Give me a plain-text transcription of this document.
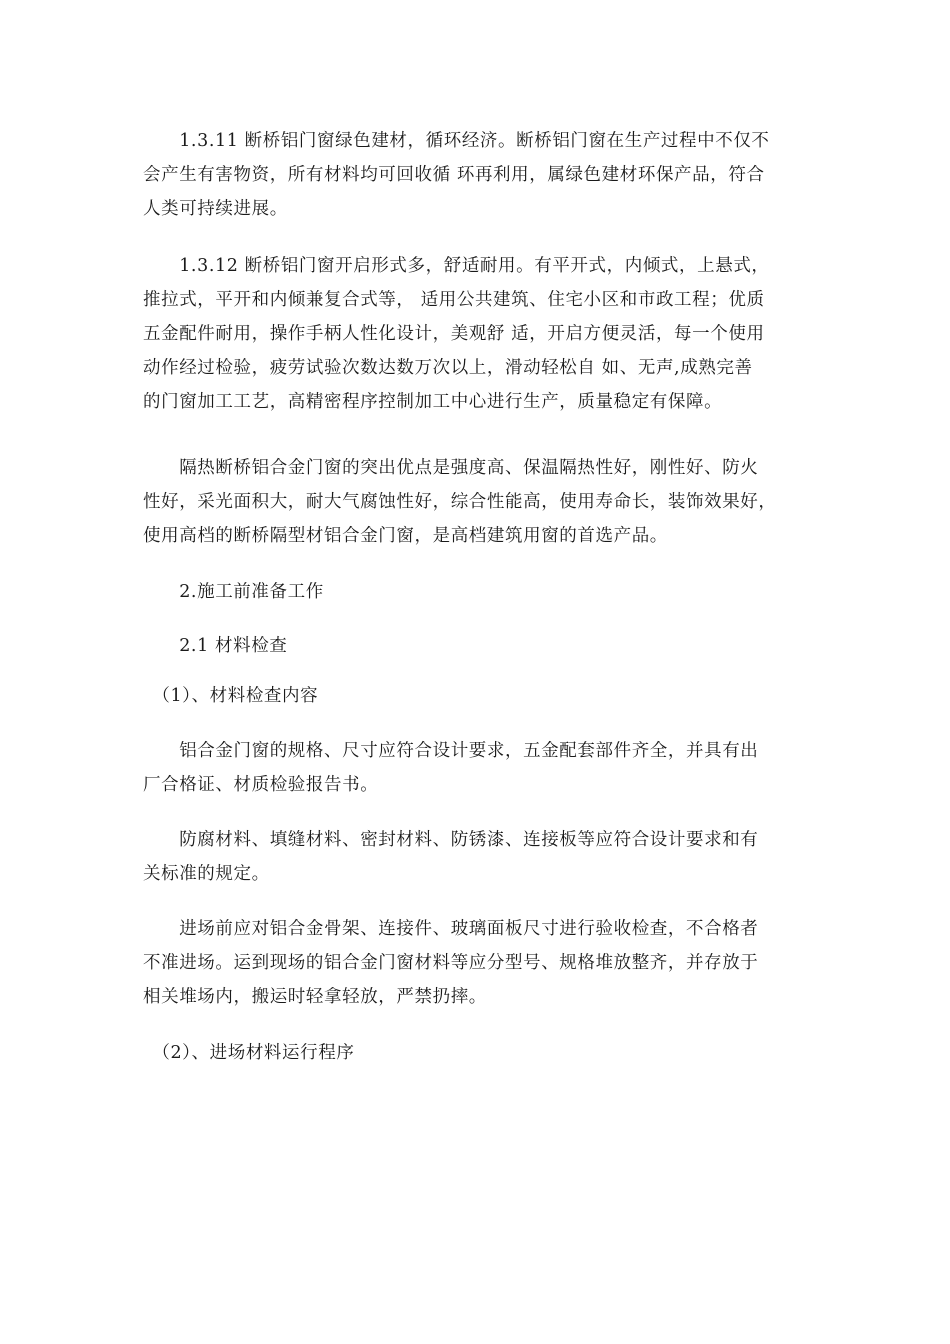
　　1.3.11 断桥铝门窗绿色建材，循环经济。断桥铝门窗在生产过程中不仅不
会产生有害物资，所有材料均可回收循 环再利用，属绿色建材环保产品，符合
人类可持续进展。

　　1.3.12 断桥铝门窗开启形式多，舒适耐用。有平开式，内倾式，上悬式，
推拉式，平开和内倾兼复合式等， 适用公共建筑、住宅小区和市政工程；优质
五金配件耐用，操作手柄人性化设计，美观舒 适，开启方便灵活，每一个使用
动作经过检验，疲劳试验次数达数万次以上，滑动轻松自 如、无声,成熟完善
的门窗加工工艺，高精密程序控制加工中心进行生产，质量稳定有保障。

　　隔热断桥铝合金门窗的突出优点是强度高、保温隔热性好，刚性好、防火
性好，采光面积大，耐大气腐蚀性好，综合性能高，使用寿命长，装饰效果好，
使用高档的断桥隔型材铝合金门窗，是高档建筑用窗的首选产品。

　　2.施工前准备工作

　　2.1 材料检查

　（1）、材料检查内容

　　铝合金门窗的规格、尺寸应符合设计要求，五金配套部件齐全，并具有出
厂合格证、材质检验报告书。

　　防腐材料、填缝材料、密封材料、防锈漆、连接板等应符合设计要求和有
关标准的规定。

　　进场前应对铝合金骨架、连接件、玻璃面板尺寸进行验收检查，不合格者
不准进场。运到现场的铝合金门窗材料等应分型号、规格堆放整齐，并存放于
相关堆场内，搬运时轻拿轻放，严禁扔摔。

　（2）、进场材料运行程序
